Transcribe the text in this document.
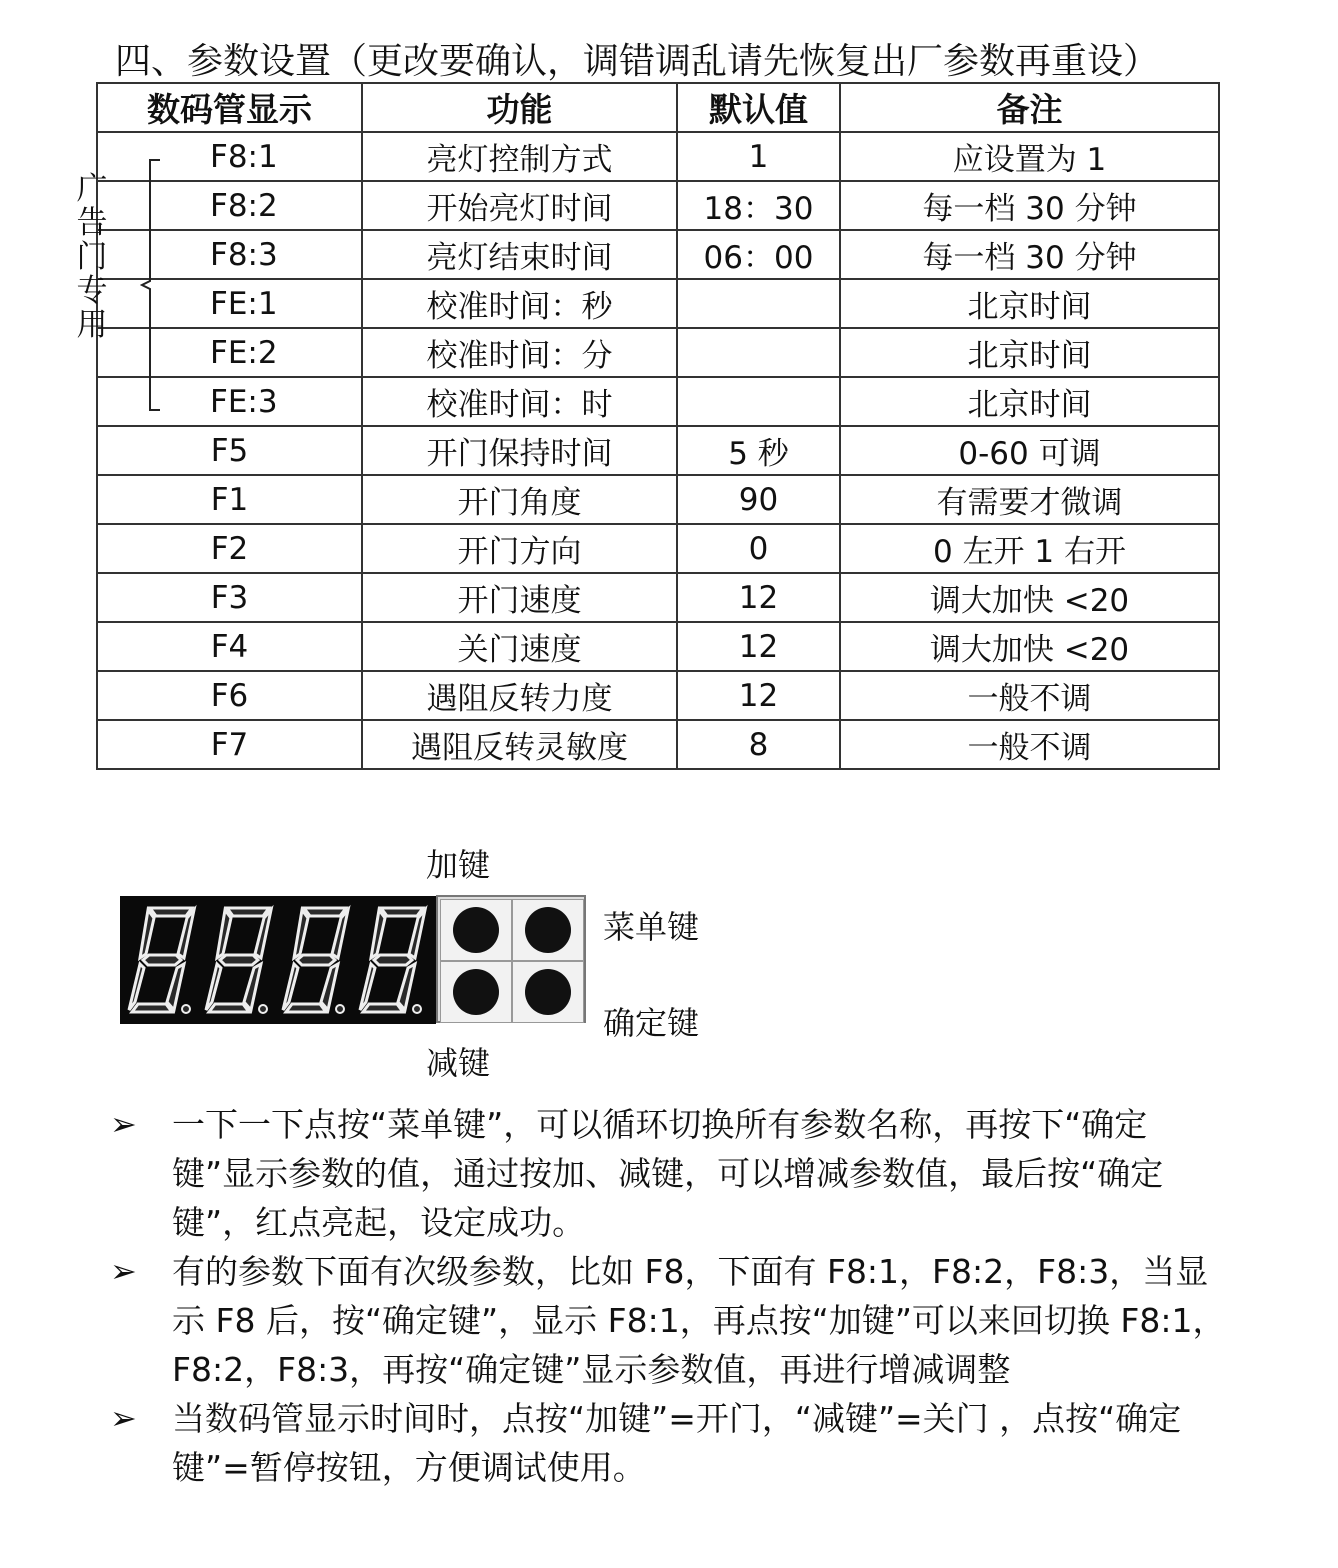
四、参数设置（更改要确认，调错调乱请先恢复出厂参数再重设）
数码管显示	功能	默认值	备注
F8:1	亮灯控制方式	1	应设置为 1
F8:2	开始亮灯时间	18：30	每一档 30 分钟
F8:3	亮灯结束时间	06：00	每一档 30 分钟
FE:1	校准时间：秒		北京时间
FE:2	校准时间：分		北京时间
FE:3	校准时间：时		北京时间
F5	开门保持时间	5 秒	0-60 可调
F1	开门角度	90	有需要才微调
F2	开门方向	0	0 左开 1 右开
F3	开门速度	12	调大加快 <20
F4	关门速度	12	调大加快 <20
F6	遇阻反转力度	12	一般不调
F7	遇阻反转灵敏度	8	一般不调
广告门专用
加键
菜单键
确定键
减键
➢ 一下一下点按“菜单键”，可以循环切换所有参数名称，再按下“确定键”显示参数的值，通过按加、减键，可以增减参数值，最后按“确定键”，红点亮起，设定成功。
➢ 有的参数下面有次级参数，比如 F8，下面有 F8:1，F8:2，F8:3，当显示 F8 后，按“确定键”，显示 F8:1，再点按“加键”可以来回切换 F8:1，F8:2，F8:3，再按“确定键”显示参数值，再进行增减调整
➢ 当数码管显示时间时，点按“加键”=开门，“减键”=关门 ，点按“确定键”=暂停按钮，方便调试使用。
